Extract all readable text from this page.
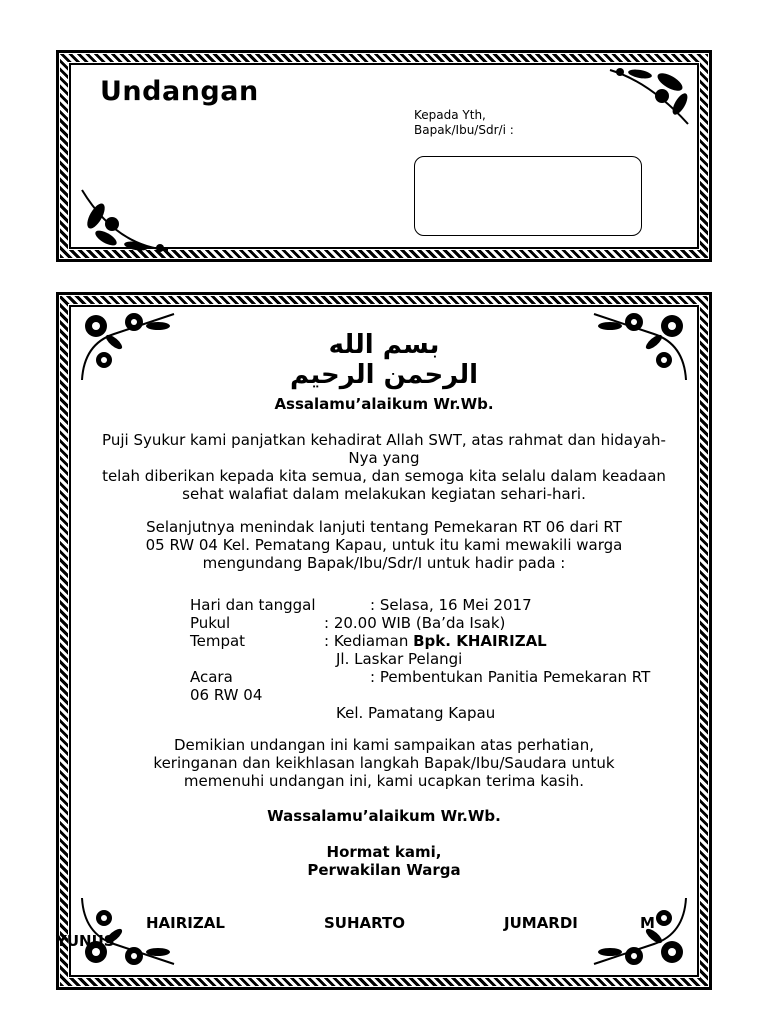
Undangan
Kepada Yth,
Bapak/Ibu/Sdr/i :
بسم الله الرحمن الرحيم
Assalamu’alaikum Wr.Wb.
Puji Syukur kami panjatkan kehadirat Allah SWT, atas rahmat dan hidayah-
Nya yang
telah diberikan kepada kita semua, dan semoga kita selalu dalam keadaan
sehat walafiat dalam melakukan kegiatan sehari-hari.
Selanjutnya menindak lanjuti tentang Pemekaran RT 06 dari RT
05 RW 04 Kel. Pematang Kapau, untuk itu kami mewakili warga
mengundang Bapak/Ibu/Sdr/I untuk hadir pada :
Hari dan tanggal	: Selasa, 16 Mei 2017
Pukul	: 20.00 WIB (Ba’da Isak)
Tempat	: Kediaman Bpk. KHAIRIZAL
Jl. Laskar Pelangi
Acara	: Pembentukan Panitia Pemekaran RT
06 RW 04
Kel. Pamatang Kapau
Demikian undangan ini kami sampaikan atas perhatian,
keringanan dan keikhlasan langkah Bapak/Ibu/Saudara untuk
memenuhi undangan ini, kami ucapkan terima kasih.
Wassalamu’alaikum Wr.Wb.
Hormat kami,
Perwakilan Warga
HAIRIZAL	SUHARTO	JUMARDI	M
YUNUS
